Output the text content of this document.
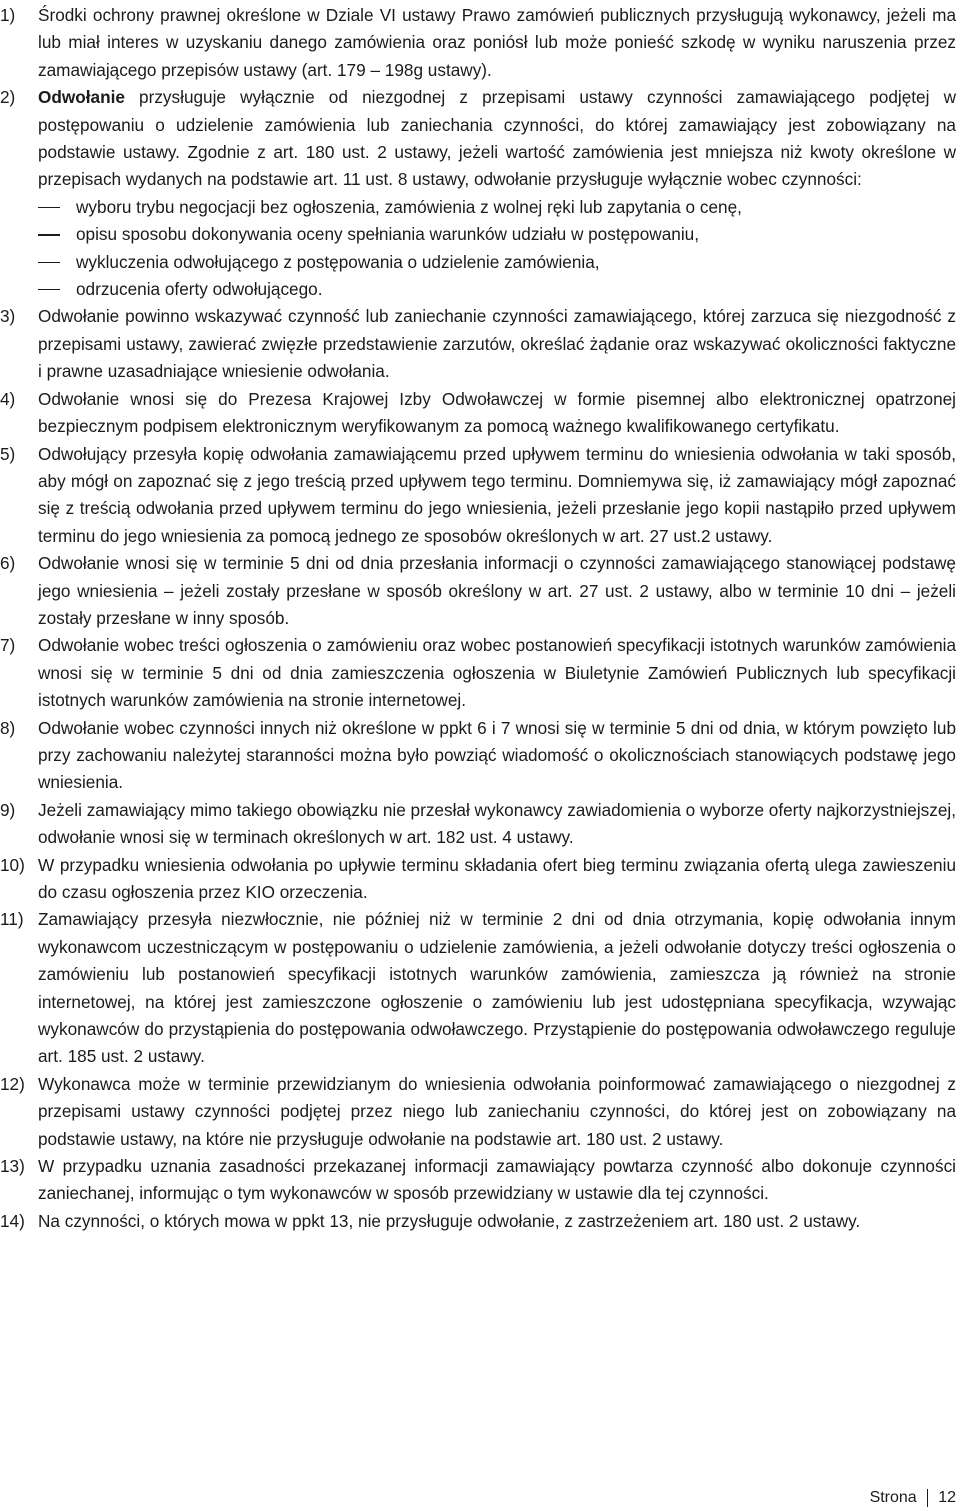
1) Środki ochrony prawnej określone w Dziale VI ustawy Prawo zamówień publicznych przysługują wykonawcy, jeżeli ma lub miał interes w uzyskaniu danego zamówienia oraz poniósł lub może ponieść szkodę w wyniku naruszenia przez zamawiającego przepisów ustawy (art. 179 – 198g ustawy).
2) Odwołanie przysługuje wyłącznie od niezgodnej z przepisami ustawy czynności zamawiającego podjętej w postępowaniu o udzielenie zamówienia lub zaniechania czynności, do której zamawiający jest zobowiązany na podstawie ustawy. Zgodnie z art. 180 ust. 2 ustawy, jeżeli wartość zamówienia jest mniejsza niż kwoty określone w przepisach wydanych na podstawie art. 11 ust. 8 ustawy, odwołanie przysługuje wyłącznie wobec czynności:
wyboru trybu negocjacji bez ogłoszenia, zamówienia z wolnej ręki lub zapytania o cenę,
opisu sposobu dokonywania oceny spełniania warunków udziału w postępowaniu,
wykluczenia odwołującego z postępowania o udzielenie zamówienia,
odrzucenia oferty odwołującego.
3) Odwołanie powinno wskazywać czynność lub zaniechanie czynności zamawiającego, której zarzuca się niezgodność z przepisami ustawy, zawierać zwięzłe przedstawienie zarzutów, określać żądanie oraz wskazywać okoliczności faktyczne i prawne uzasadniające wniesienie odwołania.
4) Odwołanie wnosi się do Prezesa Krajowej Izby Odwoławczej w formie pisemnej albo elektronicznej opatrzonej bezpiecznym podpisem elektronicznym weryfikowanym za pomocą ważnego kwalifikowanego certyfikatu.
5) Odwołujący przesyła kopię odwołania zamawiającemu przed upływem terminu do wniesienia odwołania w taki sposób, aby mógł on zapoznać się z jego treścią przed upływem tego terminu. Domniemywa się, iż zamawiający mógł zapoznać się z treścią odwołania przed upływem terminu do jego wniesienia, jeżeli przesłanie jego kopii nastąpiło przed upływem terminu do jego wniesienia za pomocą jednego ze sposobów określonych w art. 27 ust.2 ustawy.
6) Odwołanie wnosi się w terminie 5 dni od dnia przesłania informacji o czynności zamawiającego stanowiącej podstawę jego wniesienia – jeżeli zostały przesłane w sposób określony w art. 27 ust. 2 ustawy, albo w terminie 10 dni – jeżeli zostały przesłane w inny sposób.
7) Odwołanie wobec treści ogłoszenia o zamówieniu oraz wobec postanowień specyfikacji istotnych warunków zamówienia wnosi się w terminie 5 dni od dnia zamieszczenia ogłoszenia w Biuletynie Zamówień Publicznych lub specyfikacji istotnych warunków zamówienia na stronie internetowej.
8) Odwołanie wobec czynności innych niż określone w ppkt 6 i 7 wnosi się w terminie 5 dni od dnia, w którym powzięto lub przy zachowaniu należytej staranności można było powziąć wiadomość o okolicznościach stanowiących podstawę jego wniesienia.
9) Jeżeli zamawiający mimo takiego obowiązku nie przesłał wykonawcy zawiadomienia o wyborze oferty najkorzystniejszej, odwołanie wnosi się w terminach określonych w art. 182 ust. 4 ustawy.
10) W przypadku wniesienia odwołania po upływie terminu składania ofert bieg terminu związania ofertą ulega zawieszeniu do czasu ogłoszenia przez KIO orzeczenia.
11) Zamawiający przesyła niezwłocznie, nie później niż w terminie 2 dni od dnia otrzymania, kopię odwołania innym wykonawcom uczestniczącym w postępowaniu o udzielenie zamówienia, a jeżeli odwołanie dotyczy treści ogłoszenia o zamówieniu lub postanowień specyfikacji istotnych warunków zamówienia, zamieszcza ją również na stronie internetowej, na której jest zamieszczone ogłoszenie o zamówieniu lub jest udostępniana specyfikacja, wzywając wykonawców do przystąpienia do postępowania odwoławczego. Przystąpienie do postępowania odwoławczego reguluje art. 185 ust. 2 ustawy.
12) Wykonawca może w terminie przewidzianym do wniesienia odwołania poinformować zamawiającego o niezgodnej z przepisami ustawy czynności podjętej przez niego lub zaniechaniu czynności, do której jest on zobowiązany na podstawie ustawy, na które nie przysługuje odwołanie na podstawie art. 180 ust. 2 ustawy.
13) W przypadku uznania zasadności przekazanej informacji zamawiający powtarza czynność albo dokonuje czynności zaniechanej, informując o tym wykonawców w sposób przewidziany w ustawie dla tej czynności.
14) Na czynności, o których mowa w ppkt 13, nie przysługuje odwołanie, z zastrzeżeniem art. 180 ust. 2 ustawy.
Strona 12
